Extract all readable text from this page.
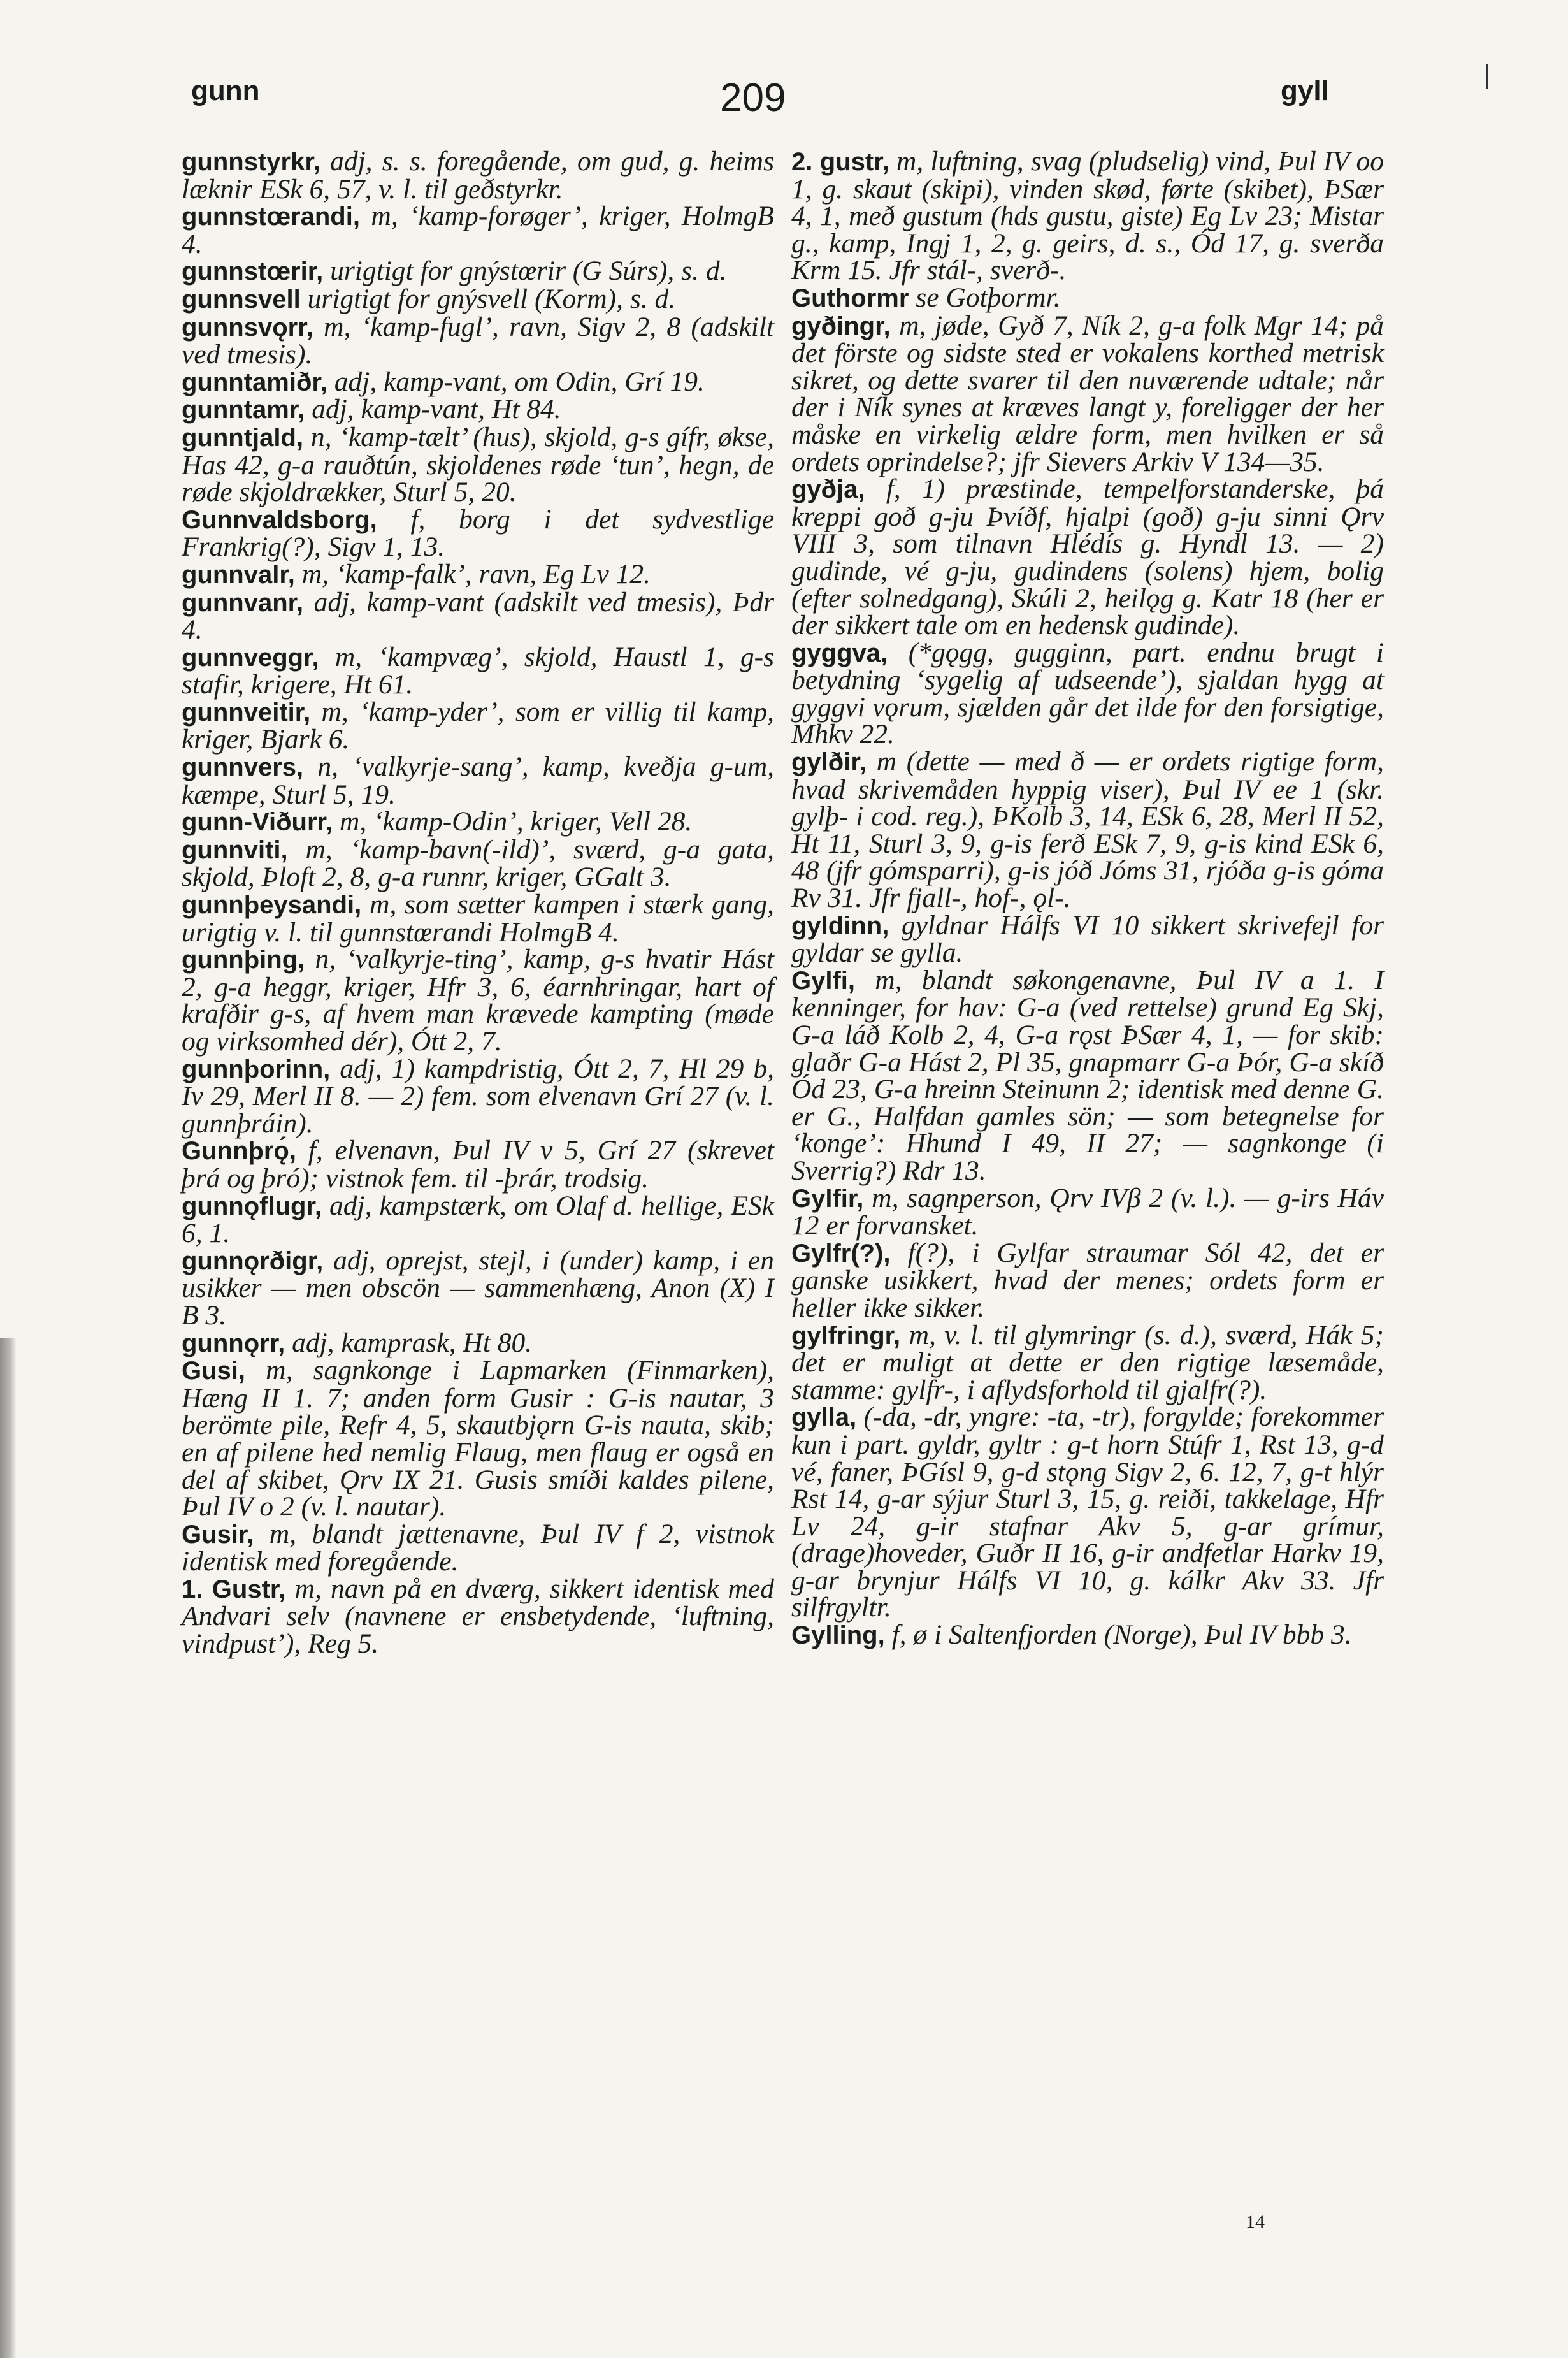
gunn	209	gyll

gunnstyrkr, adj, s. s. foregående, om gud, g. heims læknir ESk 6, 57, v. l. til geðstyrkr.

gunnstœrandi, m, ‘kamp-forøger’, kriger, HolmgB 4.

gunnstœrir, urigtigt for gnýstœrir (G Súrs), s. d.

gunnsvell urigtigt for gnýsvell (Korm), s. d.

gunnsvǫrr, m, ‘kamp-fugl’, ravn, Sigv 2, 8 (adskilt ved tmesis).

gunntamiðr, adj, kamp-vant, om Odin, Grí 19.

gunntamr, adj, kamp-vant, Ht 84.

gunntjald, n, ‘kamp-tælt’ (hus), skjold, g-s gífr, økse, Has 42, g-a rauðtún, skjoldenes røde ‘tun’, hegn, de røde skjoldrækker, Sturl 5, 20.

Gunnvaldsborg, f, borg i det sydvestlige Frankrig(?), Sigv 1, 13.

gunnvalr, m, ‘kamp-falk’, ravn, Eg Lv 12.

gunnvanr, adj, kamp-vant (adskilt ved tmesis), Þdr 4.

gunnveggr, m, ‘kampvæg’, skjold, Haustl 1, g-s stafir, krigere, Ht 61.

gunnveitir, m, ‘kamp-yder’, som er villig til kamp, kriger, Bjark 6.

gunnvers, n, ‘valkyrje-sang’, kamp, kveðja g-um, kæmpe, Sturl 5, 19.

gunn-Viðurr, m, ‘kamp-Odin’, kriger, Vell 28.

gunnviti, m, ‘kamp-bavn(-ild)’, sværd, g-a gata, skjold, Þloft 2, 8, g-a runnr, kriger, GGalt 3.

gunnþeysandi, m, som sætter kampen i stærk gang, urigtig v. l. til gunnstœrandi HolmgB 4.

gunnþing, n, ‘valkyrje-ting’, kamp, g-s hvatir Hást 2, g-a heggr, kriger, Hfr 3, 6, éarnhringar, hart of krafðir g-s, af hvem man krævede kampting (møde og virksomhed dér), Ótt 2, 7.

gunnþorinn, adj, 1) kampdristig, Ótt 2, 7, Hl 29 b, Iv 29, Merl II 8. — 2) fem. som elvenavn Grí 27 (v. l. gunnþráin).

Gunnþrǫ́, f, elvenavn, Þul IV v 5, Grí 27 (skrevet þrá og þró); vistnok fem. til -þrár, trodsig.

gunnǫflugr, adj, kampstærk, om Olaf d. hellige, ESk 6, 1.

gunnǫrðigr, adj, oprejst, stejl, i (under) kamp, i en usikker — men obscön — sammenhæng, Anon (X) I B 3.

gunnǫrr, adj, kamprask, Ht 80.

Gusi, m, sagnkonge i Lapmarken (Finmarken), Hæng II 1. 7; anden form Gusir : G-is nautar, 3 berömte pile, Refr 4, 5, skautbjǫrn G-is nauta, skib; en af pilene hed nemlig Flaug, men flaug er også en del af skibet, Ǫrv IX 21. Gusis smíði kaldes pilene, Þul IV o 2 (v. l. nautar).

Gusir, m, blandt jættenavne, Þul IV f 2, vistnok identisk med foregående.

1. Gustr, m, navn på en dværg, sikkert identisk med Andvari selv (navnene er ensbetydende, ‘luftning, vindpust’), Reg 5.

2. gustr, m, luftning, svag (pludselig) vind, Þul IV oo 1, g. skaut (skipi), vinden skød, førte (skibet), ÞSær 4, 1, með gustum (hds gustu, giste) Eg Lv 23; Mistar g., kamp, Ingj 1, 2, g. geirs, d. s., Ód 17, g. sverða Krm 15. Jfr stál-, sverð-.

Guthormr se Gotþormr.

gyðingr, m, jøde, Gyð 7, Ník 2, g-a folk Mgr 14; på det förste og sidste sted er vokalens korthed metrisk sikret, og dette svarer til den nuværende udtale; når der i Ník synes at kræves langt y, foreligger der her måske en virkelig ældre form, men hvilken er så ordets oprindelse?; jfr Sievers Arkiv V 134—35.

gyðja, f, 1) præstinde, tempelforstanderske, þá kreppi goð g-ju Þvíðf, hjalpi (goð) g-ju sinni Ǫrv VIII 3, som tilnavn Hlédís g. Hyndl 13. — 2) gudinde, vé g-ju, gudindens (solens) hjem, bolig (efter solnedgang), Skúli 2, heilǫg g. Katr 18 (her er der sikkert tale om en hedensk gudinde).

gyggva, (*gǫgg, gugginn, part. endnu brugt i betydning ‘sygelig af udseende’), sjaldan hygg at gyggvi vǫrum, sjælden går det ilde for den forsigtige, Mhkv 22.

gylðir, m (dette — med ð — er ordets rigtige form, hvad skrivemåden hyppig viser), Þul IV ee 1 (skr. gylþ- i cod. reg.), ÞKolb 3, 14, ESk 6, 28, Merl II 52, Ht 11, Sturl 3, 9, g-is ferð ESk 7, 9, g-is kind ESk 6, 48 (jfr gómsparri), g-is jóð Jóms 31, rjóða g-is góma Rv 31. Jfr fjall-, hof-, ǫl-.

gyldinn, gyldnar Hálfs VI 10 sikkert skrivefejl for gyldar se gylla.

Gylfi, m, blandt søkongenavne, Þul IV a 1. I kenninger, for hav: G-a (ved rettelse) grund Eg Skj, G-a láð Kolb 2, 4, G-a rǫst ÞSær 4, 1, — for skib: glaðr G-a Hást 2, Pl 35, gnapmarr G-a Þór, G-a skíð Ód 23, G-a hreinn Steinunn 2; identisk med denne G. er G., Halfdan gamles sön; — som betegnelse for ‘konge’: Hhund I 49, II 27; — sagnkonge (i Sverrig?) Rdr 13.

Gylfir, m, sagnperson, Ǫrv IVβ 2 (v. l.). — g-irs Háv 12 er forvansket.

Gylfr(?), f(?), i Gylfar straumar Sól 42, det er ganske usikkert, hvad der menes; ordets form er heller ikke sikker.

gylfringr, m, v. l. til glymringr (s. d.), sværd, Hák 5; det er muligt at dette er den rigtige læsemåde, stamme: gylfr-, i aflydsforhold til gjalfr(?).

gylla, (-da, -dr, yngre: -ta, -tr), forgylde; forekommer kun i part. gyldr, gyltr : g-t horn Stúfr 1, Rst 13, g-d vé, faner, ÞGísl 9, g-d stǫng Sigv 2, 6. 12, 7, g-t hlýr Rst 14, g-ar sýjur Sturl 3, 15, g. reiði, takkelage, Hfr Lv 24, g-ir stafnar Akv 5, g-ar grímur, (drage)hoveder, Guðr II 16, g-ir andfetlar Harkv 19, g-ar brynjur Hálfs VI 10, g. kálkr Akv 33. Jfr silfrgyltr.

Gylling, f, ø i Saltenfjorden (Norge), Þul IV bbb 3.

14
